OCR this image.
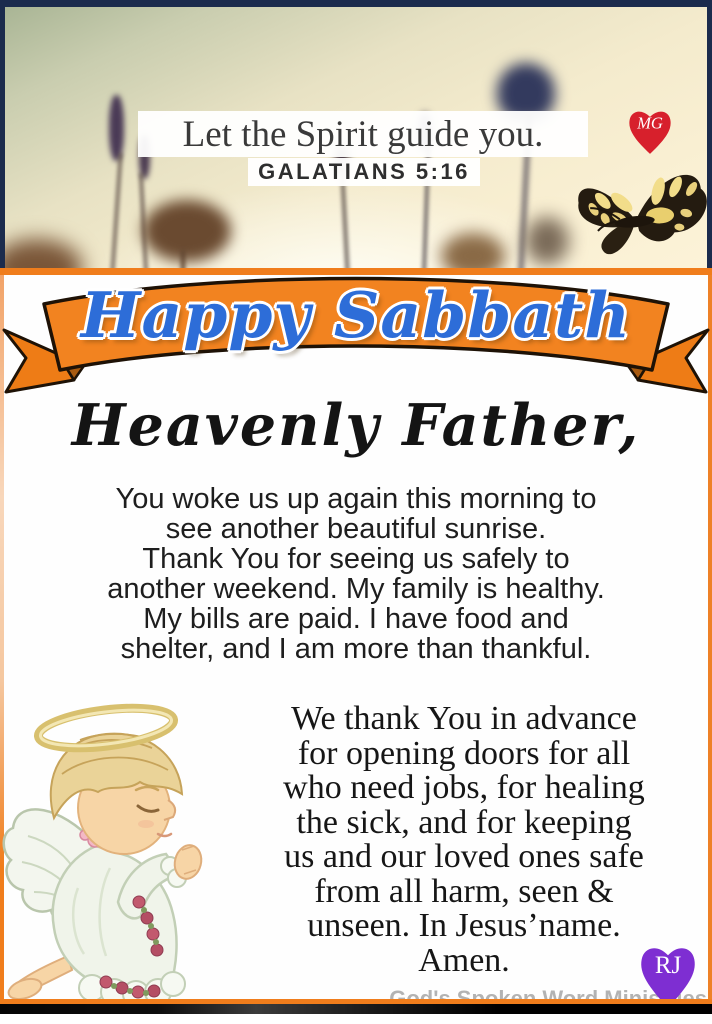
Let the Spirit guide you.
GALATIANS 5:16
MG
Happy Sabbath
Heavenly Father,
You woke us up again this morning to
see another beautiful sunrise.
Thank You for seeing us safely to
another weekend. My family is healthy.
My bills are paid. I have food and
shelter, and I am more than thankful.
We thank You in advance
for opening doors for all
who need jobs, for healing
the sick, and for keeping
us and our loved ones safe
from all harm, seen &
unseen. In Jesus’name.
Amen.	RJ
